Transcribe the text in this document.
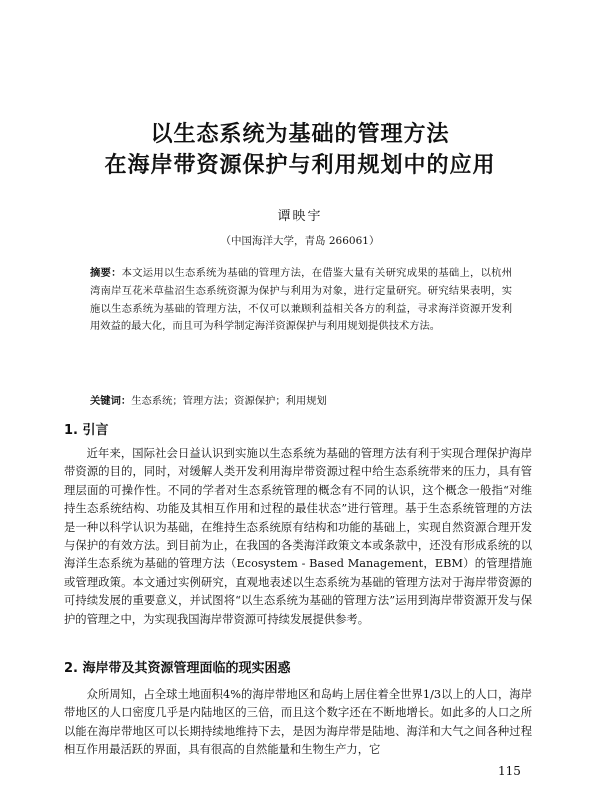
以生态系统为基础的管理方法
在海岸带资源保护与利用规划中的应用
谭映宇
（中国海洋大学，青岛 266061）

摘要：本文运用以生态系统为基础的管理方法，在借鉴大量有关研究成果的基础上，以杭州湾南岸互花米草盐沼生态系统资源为保护与利用为对象，进行定量研究。研究结果表明，实施以生态系统为基础的管理方法，不仅可以兼顾利益相关各方的利益，寻求海洋资源开发利用效益的最大化，而且可为科学制定海洋资源保护与利用规划提供技术方法。

关键词：生态系统；管理方法；资源保护；利用规划

1. 引言

近年来，国际社会日益认识到实施以生态系统为基础的管理方法有利于实现合理保护海岸带资源的目的，同时，对缓解人类开发利用海岸带资源过程中给生态系统带来的压力，具有管理层面的可操作性。不同的学者对生态系统管理的概念有不同的认识，这个概念一般指“对维持生态系统结构、功能及其相互作用和过程的最佳状态”进行管理。基于生态系统管理的方法是一种以科学认识为基础，在维持生态系统原有结构和功能的基础上，实现自然资源合理开发与保护的有效方法。到目前为止，在我国的各类海洋政策文本或条款中，还没有形成系统的以海洋生态系统为基础的管理方法（Ecosystem - Based Management，EBM）的管理措施或管理政策。本文通过实例研究，直观地表述以生态系统为基础的管理方法对于海岸带资源的可持续发展的重要意义，并试图将“以生态系统为基础的管理方法”运用到海岸带资源开发与保护的管理之中，为实现我国海岸带资源可持续发展提供参考。

2. 海岸带及其资源管理面临的现实困惑

众所周知，占全球土地面积4%的海岸带地区和岛屿上居住着全世界1/3以上的人口，海岸带地区的人口密度几乎是内陆地区的三倍，而且这个数字还在不断地增长。如此多的人口之所以能在海岸带地区可以长期持续地维持下去，是因为海岸带是陆地、海洋和大气之间各种过程相互作用最活跃的界面，具有很高的自然能量和生物生产力，它

115
